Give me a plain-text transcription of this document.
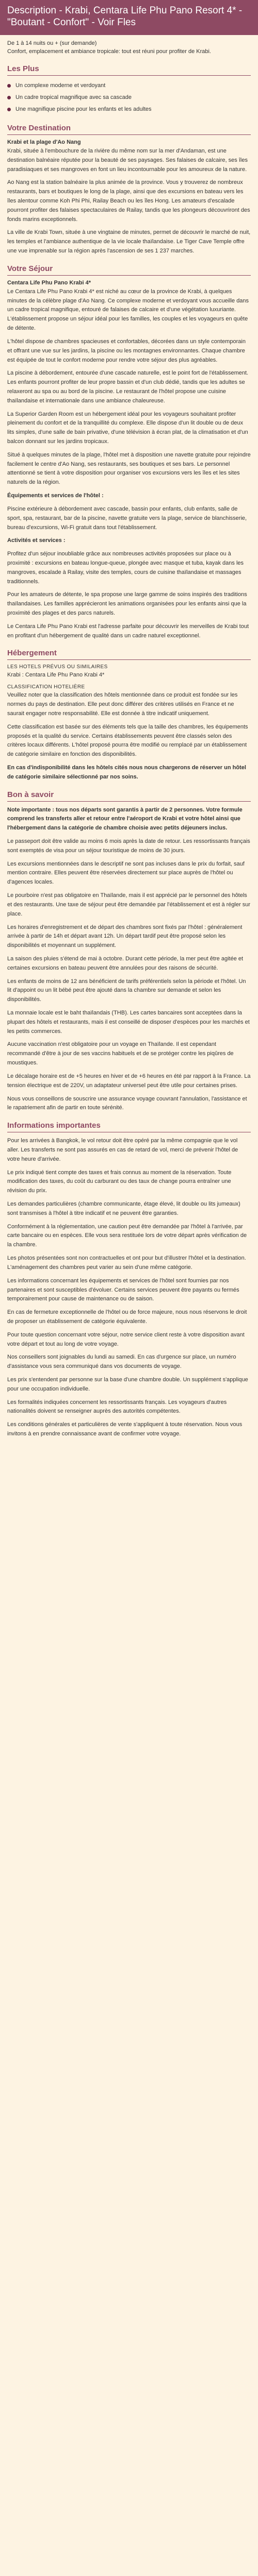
Description - Krabi, Centara Life Phu Pano Resort 4* - "Boutant - Confort" - Voir Fles

De 1 à 14 nuits ou + (sur demande)

Confort, emplacement et ambiance tropicale: tout est réuni pour profiter de Krabi.

Les Plus
Un complexe moderne et verdoyant
Un cadre tropical magnifique avec sa cascade
Une magnifique piscine pour les enfants et les adultes
Votre Destination
Krabi et la plage d'Ao Nang

Krabi, située à l'embouchure de la rivière du même nom sur la mer d'Andaman, est une destination balnéaire réputée pour la beauté de ses paysages. Ses falaises de calcaire, ses îles paradisiaques et ses mangroves en font un lieu incontournable pour les amoureux de la nature.

Ao Nang est la station balnéaire la plus animée de la province. Vous y trouverez de nombreux restaurants, bars et boutiques le long de la plage, ainsi que des excursions en bateau vers les îles alentour comme Koh Phi Phi, Railay Beach ou les îles Hong. Les amateurs d'escalade pourront profiter des falaises spectaculaires de Railay, tandis que les plongeurs découvriront des fonds marins exceptionnels.

La ville de Krabi Town, située à une vingtaine de minutes, permet de découvrir le marché de nuit, les temples et l'ambiance authentique de la vie locale thaïlandaise. Le Tiger Cave Temple offre une vue imprenable sur la région après l'ascension de ses 1 237 marches.

Votre Séjour
Centara Life Phu Pano Krabi 4*

Le Centara Life Phu Pano Krabi 4* est niché au cœur de la province de Krabi, à quelques minutes de la célèbre plage d'Ao Nang. Ce complexe moderne et verdoyant vous accueille dans un cadre tropical magnifique, entouré de falaises de calcaire et d'une végétation luxuriante. L'établissement propose un séjour idéal pour les familles, les couples et les voyageurs en quête de détente.

L'hôtel dispose de chambres spacieuses et confortables, décorées dans un style contemporain et offrant une vue sur les jardins, la piscine ou les montagnes environnantes. Chaque chambre est équipée de tout le confort moderne pour rendre votre séjour des plus agréables.

La piscine à débordement, entourée d'une cascade naturelle, est le point fort de l'établissement. Les enfants pourront profiter de leur propre bassin et d'un club dédié, tandis que les adultes se relaxeront au spa ou au bord de la piscine. Le restaurant de l'hôtel propose une cuisine thaïlandaise et internationale dans une ambiance chaleureuse.

La Superior Garden Room est un hébergement idéal pour les voyageurs souhaitant profiter pleinement du confort et de la tranquillité du complexe. Elle dispose d'un lit double ou de deux lits simples, d'une salle de bain privative, d'une télévision à écran plat, de la climatisation et d'un balcon donnant sur les jardins tropicaux.

Situé à quelques minutes de la plage, l'hôtel met à disposition une navette gratuite pour rejoindre facilement le centre d'Ao Nang, ses restaurants, ses boutiques et ses bars. Le personnel attentionné se tient à votre disposition pour organiser vos excursions vers les îles et les sites naturels de la région.

Équipements et services de l'hôtel :

Piscine extérieure à débordement avec cascade, bassin pour enfants, club enfants, salle de sport, spa, restaurant, bar de la piscine, navette gratuite vers la plage, service de blanchisserie, bureau d'excursions, Wi-Fi gratuit dans tout l'établissement.

Activités et services :

Profitez d'un séjour inoubliable grâce aux nombreuses activités proposées sur place ou à proximité : excursions en bateau longue-queue, plongée avec masque et tuba, kayak dans les mangroves, escalade à Railay, visite des temples, cours de cuisine thaïlandaise et massages traditionnels.

Pour les amateurs de détente, le spa propose une large gamme de soins inspirés des traditions thaïlandaises. Les familles apprécieront les animations organisées pour les enfants ainsi que la proximité des plages et des parcs naturels.

Le Centara Life Phu Pano Krabi est l'adresse parfaite pour découvrir les merveilles de Krabi tout en profitant d'un hébergement de qualité dans un cadre naturel exceptionnel.

Hébergement

LES HOTELS PRÉVUS OU SIMILAIRES

Krabi : Centara Life Phu Pano Krabi 4*

CLASSIFICATION HOTELIÈRE

Veuillez noter que la classification des hôtels mentionnée dans ce produit est fondée sur les normes du pays de destination. Elle peut donc différer des critères utilisés en France et ne saurait engager notre responsabilité. Elle est donnée à titre indicatif uniquement.

Cette classification est basée sur des éléments tels que la taille des chambres, les équipements proposés et la qualité du service. Certains établissements peuvent être classés selon des critères locaux différents. L'hôtel proposé pourra être modifié ou remplacé par un établissement de catégorie similaire en fonction des disponibilités.

En cas d'indisponibilité dans les hôtels cités nous nous chargerons de réserver un hôtel de catégorie similaire sélectionné par nos soins.

Bon à savoir

Note importante : tous nos départs sont garantis à partir de 2 personnes. Votre formule comprend les transferts aller et retour entre l'aéroport de Krabi et votre hôtel ainsi que l'hébergement dans la catégorie de chambre choisie avec petits déjeuners inclus.

Le passeport doit être valide au moins 6 mois après la date de retour. Les ressortissants français sont exemptés de visa pour un séjour touristique de moins de 30 jours.

Les excursions mentionnées dans le descriptif ne sont pas incluses dans le prix du forfait, sauf mention contraire. Elles peuvent être réservées directement sur place auprès de l'hôtel ou d'agences locales.

Le pourboire n'est pas obligatoire en Thaïlande, mais il est apprécié par le personnel des hôtels et des restaurants. Une taxe de séjour peut être demandée par l'établissement et est à régler sur place.

Les horaires d'enregistrement et de départ des chambres sont fixés par l'hôtel : généralement arrivée à partir de 14h et départ avant 12h. Un départ tardif peut être proposé selon les disponibilités et moyennant un supplément.

La saison des pluies s'étend de mai à octobre. Durant cette période, la mer peut être agitée et certaines excursions en bateau peuvent être annulées pour des raisons de sécurité.

Les enfants de moins de 12 ans bénéficient de tarifs préférentiels selon la période et l'hôtel. Un lit d'appoint ou un lit bébé peut être ajouté dans la chambre sur demande et selon les disponibilités.

La monnaie locale est le baht thaïlandais (THB). Les cartes bancaires sont acceptées dans la plupart des hôtels et restaurants, mais il est conseillé de disposer d'espèces pour les marchés et les petits commerces.

Aucune vaccination n'est obligatoire pour un voyage en Thaïlande. Il est cependant recommandé d'être à jour de ses vaccins habituels et de se protéger contre les piqûres de moustiques.

Le décalage horaire est de +5 heures en hiver et de +6 heures en été par rapport à la France. La tension électrique est de 220V, un adaptateur universel peut être utile pour certaines prises.

Nous vous conseillons de souscrire une assurance voyage couvrant l'annulation, l'assistance et le rapatriement afin de partir en toute sérénité.

Informations importantes

Pour les arrivées à Bangkok, le vol retour doit être opéré par la même compagnie que le vol aller. Les transferts ne sont pas assurés en cas de retard de vol, merci de prévenir l'hôtel de votre heure d'arrivée.

Le prix indiqué tient compte des taxes et frais connus au moment de la réservation. Toute modification des taxes, du coût du carburant ou des taux de change pourra entraîner une révision du prix.

Les demandes particulières (chambre communicante, étage élevé, lit double ou lits jumeaux) sont transmises à l'hôtel à titre indicatif et ne peuvent être garanties.

Conformément à la réglementation, une caution peut être demandée par l'hôtel à l'arrivée, par carte bancaire ou en espèces. Elle vous sera restituée lors de votre départ après vérification de la chambre.

Les photos présentées sont non contractuelles et ont pour but d'illustrer l'hôtel et la destination. L'aménagement des chambres peut varier au sein d'une même catégorie.

Les informations concernant les équipements et services de l'hôtel sont fournies par nos partenaires et sont susceptibles d'évoluer. Certains services peuvent être payants ou fermés temporairement pour cause de maintenance ou de saison.

En cas de fermeture exceptionnelle de l'hôtel ou de force majeure, nous nous réservons le droit de proposer un établissement de catégorie équivalente.

Pour toute question concernant votre séjour, notre service client reste à votre disposition avant votre départ et tout au long de votre voyage.

Nos conseillers sont joignables du lundi au samedi. En cas d'urgence sur place, un numéro d'assistance vous sera communiqué dans vos documents de voyage.

Les prix s'entendent par personne sur la base d'une chambre double. Un supplément s'applique pour une occupation individuelle.

Les formalités indiquées concernent les ressortissants français. Les voyageurs d'autres nationalités doivent se renseigner auprès des autorités compétentes.

Les conditions générales et particulières de vente s'appliquent à toute réservation. Nous vous invitons à en prendre connaissance avant de confirmer votre voyage.
